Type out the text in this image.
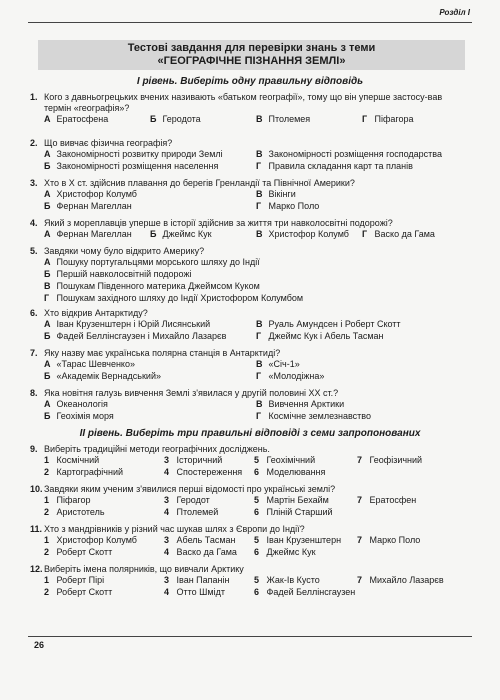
Розділ I
Тестові завдання для перевірки знань з теми
«ГЕОГРАФІЧНЕ ПІЗНАННЯ ЗЕМЛІ»
І рівень. Виберіть одну правильну відповідь
1. Кого з давньогрецьких вчених називають «батьком географії», тому що він уперше застосу-вав термін «географія»?
А Ератосфена	Б Геродота	В Птолемея	Г Піфагора
2. Що вивчає фізична географія?
А Закономірності розвитку природи Землі	В Закономірності розміщення господарства
Б Закономірності розміщення населення	Г Правила складання карт та планів
3. Хто в X ст. здійснив плавання до берегів Гренландії та Північної Америки?
А Христофор Колумб	В Вікінги
Б Фернан Магеллан	Г Марко Поло
4. Який з мореплавців уперше в історії здійснив за життя три навколосвітні подорожі?
А Фернан Магеллан Б Джеймс Кук	В Христофор Колумб Г Васко да Гама
5. Завдяки чому було відкрито Америку?
А Пошуку португальцями морського шляху до Індії
Б Першій навколосвітній подорожі
В Пошукам Південного материка Джеймсом Куком
Г Пошукам західного шляху до Індії Христофором Колумбом
6. Хто відкрив Антарктиду?
А Іван Крузенштерн і Юрій Лисянський	В Руаль Амундсен і Роберт Скотт
Б Фадей Беллінсгаузен і Михайло Лазарєв	Г Джеймс Кук і Абель Тасман
7. Яку назву має українська полярна станція в Антарктиді?
А «Тарас Шевченко»	В «Січ-1»
Б «Академік Вернадський»	Г «Молодіжна»
8. Яка новітня галузь вивчення Землі з'явилася у другій половині XX ст.?
А Океанологія	В Вивчення Арктики
Б Геохімія моря	Г Космічне землезнавство
ІІ рівень. Виберіть три правильні відповіді з семи запропонованих
9. Виберіть традиційні методи географічних досліджень.
1 Космічний	3 Історичний	5 Геохімічний	7 Геофізичний
2 Картографічний	4 Спостереження 6 Моделювання
10. Завдяки яким ученим з'явилися перші відомості про українські землі?
1 Піфагор	3 Геродот	5 Мартін Бехайм	7 Ератосфен
2 Аристотель	4 Птолемей	6 Пліній Старший
11. Хто з мандрівників у різний час шукав шлях з Європи до Індії?
1 Христофор Колумб	3 Абель Тасман 5 Іван Крузенштерн 7 Марко Поло
2 Роберт Скотт	4 Васко да Гама 6 Джеймс Кук
12. Виберіть імена полярників, що вивчали Арктику
1 Роберт Пірі	3 Іван Папанін	5 Жак-Ів Кусто	7 Михайло Лазарєв
2 Роберт Скотт	4 Отто Шмідт	6 Фадей Беллінсгаузен
26
